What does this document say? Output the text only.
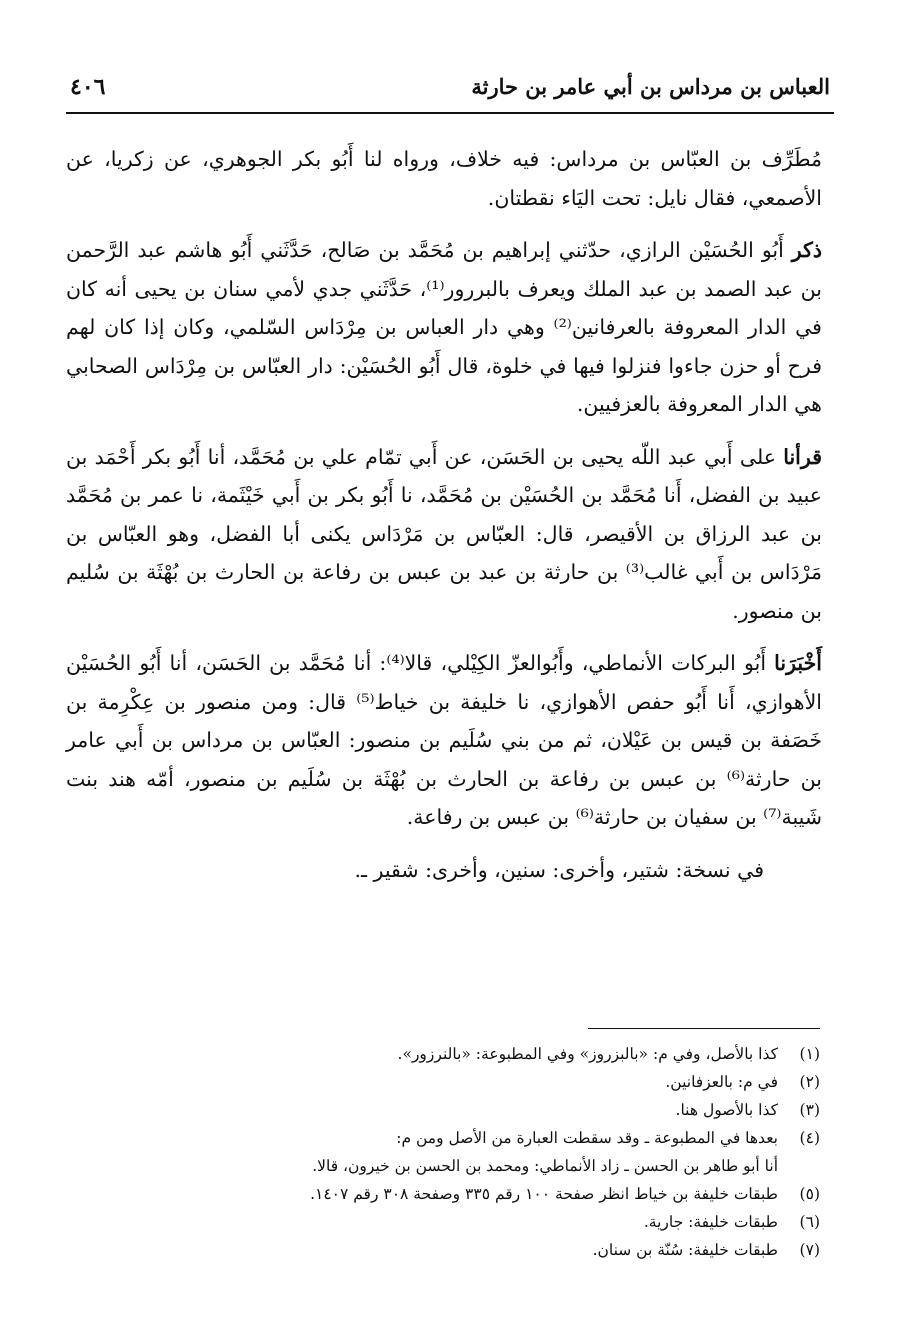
العباس بن مرداس بن أبي عامر بن حارثة
٤٠٦

مُطَرِّف بن العبّاس بن مرداس: فيه خلاف، ورواه لنا أَبُو بكر الجوهري، عن زكريا، عن الأصمعي، فقال نايل: تحت اليَاء نقطتان.

ذكر أَبُو الحُسَيْن الرازي، حدّثني إبراهيم بن مُحَمَّد بن صَالح، حَدَّثَني أَبُو هاشم عبد الرَّحمن بن عبد الصمد بن عبد الملك ويعرف بالبررور⁽¹⁾، حَدَّثَني جدي لأمي سنان بن يحيى أنه كان في الدار المعروفة بالعرفانين⁽²⁾ وهي دار العباس بن مِرْدَاس السّلمي، وكان إذا كان لهم فرح أو حزن جاءوا فنزلوا فيها في خلوة، قال أَبُو الحُسَيْن: دار العبّاس بن مِرْدَاس الصحابي هي الدار المعروفة بالعزفيين.

قرأنا على أَبي عبد اللّه يحيى بن الحَسَن، عن أَبي تمّام علي بن مُحَمَّد، أنا أَبُو بكر أَحْمَد بن عبيد بن الفضل، أَنا مُحَمَّد بن الحُسَيْن بن مُحَمَّد، نا أَبُو بكر بن أَبي خَيْثَمة، نا عمر بن مُحَمَّد بن عبد الرزاق بن الأقيصر، قال: العبّاس بن مَرْدَاس يكنى أبا الفضل، وهو العبّاس بن مَرْدَاس بن أَبي غالب⁽³⁾ بن حارثة بن عبد بن عبس بن رفاعة بن الحارث بن بُهْثَة بن سُليم بن منصور.

أَخْبَرَنا أَبُو البركات الأنماطي، وأَبُوالعزّ الكِيْلي، قالا⁽⁴⁾: أنا مُحَمَّد بن الحَسَن، أنا أَبُو الحُسَيْن الأهوازي، أَنا أَبُو حفص الأهوازي، نا خليفة بن خياط⁽⁵⁾ قال: ومن منصور بن عِكْرِمة بن خَصَفة بن قيس بن عَيْلان، ثم من بني سُلَيم بن منصور: العبّاس بن مرداس بن أَبي عامر بن حارثة⁽⁶⁾ بن عبس بن رفاعة بن الحارث بن بُهْثَة بن سُلَيم بن منصور، أمّه هند بنت شَيبة⁽⁷⁾ بن سفيان بن حارثة⁽⁶⁾ بن عبس بن رفاعة.

في نسخة: شتير، وأخرى: سنين، وأخرى: شقير ـ.

(١)
كذا بالأصل، وفي م: «بالبزروز» وفي المطبوعة: «بالنرزور».
(٢)
في م: بالعزفانين.
(٣)
كذا بالأصول هنا.
(٤)
بعدها في المطبوعة ـ وقد سقطت العبارة من الأصل ومن م:
أنا أبو طاهر بن الحسن ـ زاد الأنماطي: ومحمد بن الحسن بن خيرون، قالا.
(٥)
طبقات خليفة بن خياط انظر صفحة ١٠٠ رقم ٣٣٥ وصفحة ٣٠٨ رقم ١٤٠٧.
(٦)
طبقات خليفة: جارية.
(٧)
طبقات خليفة: سُنّة بن سنان.
